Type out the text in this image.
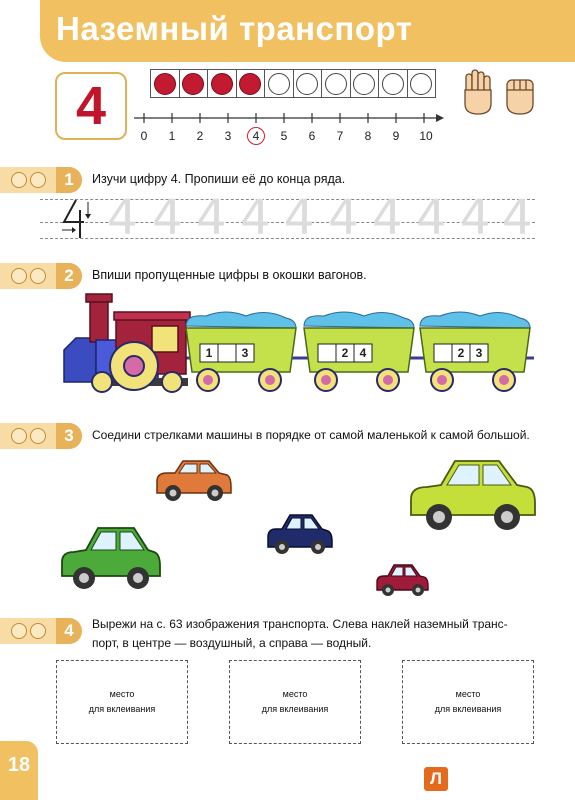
Наземный транспорт
4	0	1	2	3	4	5	6	7	8	9	10
1	Изучи цифру 4. Пропиши её до конца ряда.
4 4 4 4 4 4 4 4 4 4
2	Впиши пропущенные цифры в окошки вагонов.
1	3	2 4	2 3
3	Соедини стрелками машины в порядке от самой маленькой к самой большой.
4	Вырежи на с. 63 изображения транспорта. Слева наклей наземный транс-
порт, в центре — воздушный, а справа — водный.
место
для вклеивания
место
для вклеивания
место
для вклеивания
18
Л
